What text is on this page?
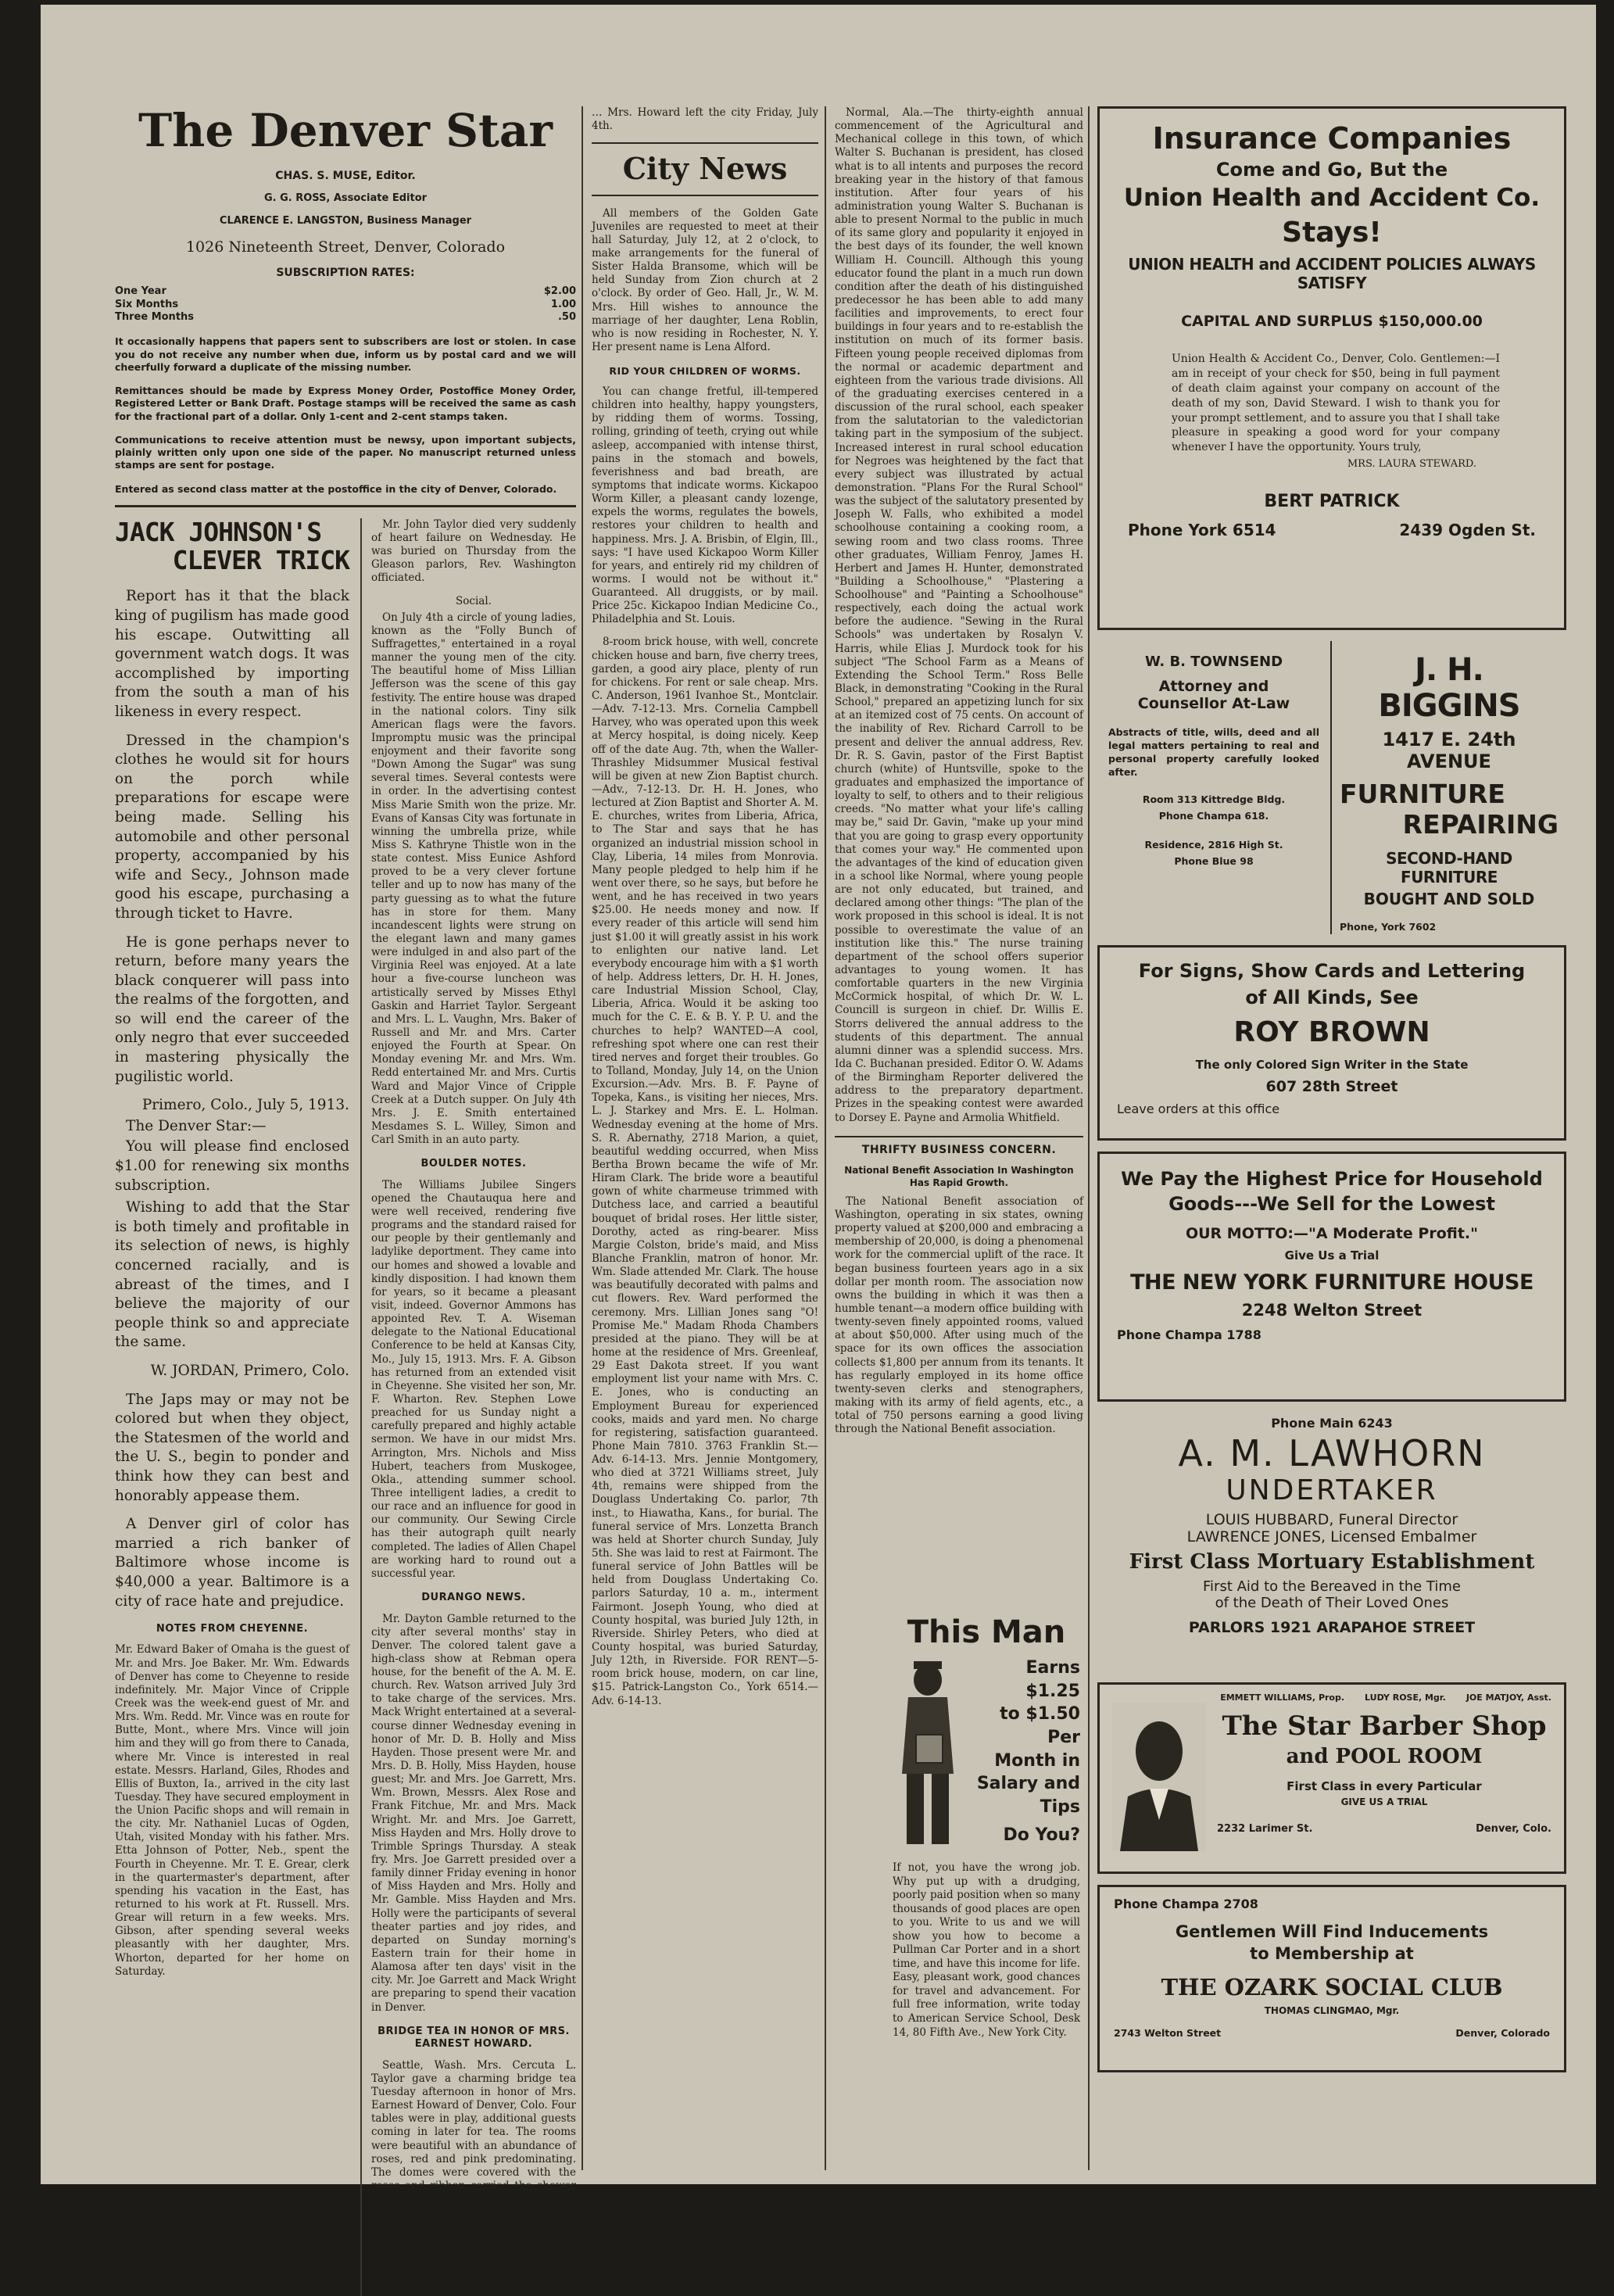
The Denver Star
CHAS. S. MUSE, Editor.
G. G. ROSS, Associate Editor
CLARENCE E. LANGSTON, Business Manager
1026 Nineteenth Street, Denver, Colorado
SUBSCRIPTION RATES:
One Year	$2.00
Six Months	1.00
Three Months	.50
It occasionally happens that papers sent to subscribers are lost or stolen. In case you do not receive any number when due, inform us by postal card and we will cheerfully forward a duplicate of the missing number.
Remittances should be made by Express Money Order, Postoffice Money Order, Registered Letter or Bank Draft. Postage stamps will be received the same as cash for the fractional part of a dollar. Only 1-cent and 2-cent stamps taken.
Communications to receive attention must be newsy, upon important subjects, plainly written only upon one side of the paper. No manuscript returned unless stamps are sent for postage.
Entered as second class matter at the postoffice in the city of Denver, Colorado.
JACK JOHNSON'S
CLEVER TRICK

Report has it that the black king of pugilism has made good his escape. Outwitting all government watch dogs. It was accomplished by importing from the south a man of his likeness in every respect.

Dressed in the champion's clothes he would sit for hours on the porch while preparations for escape were being made. Selling his automobile and other personal property, accompanied by his wife and Secy., Johnson made good his escape, purchasing a through ticket to Havre.

He is gone perhaps never to return, before many years the black conquerer will pass into the realms of the forgotten, and so will end the career of the only negro that ever succeeded in mastering physically the pugilistic world.

Primero, Colo., July 5, 1913.

The Denver Star:—

You will please find enclosed $1.00 for renewing six months subscription.

Wishing to add that the Star is both timely and profitable in its selection of news, is highly concerned racially, and is abreast of the times, and I believe the majority of our people think so and appreciate the same.

W. JORDAN, Primero, Colo.

The Japs may or may not be colored but when they object, the Statesmen of the world and the U. S., begin to ponder and think how they can best and honorably appease them.

A Denver girl of color has married a rich banker of Baltimore whose income is $40,000 a year. Baltimore is a city of race hate and prejudice.

NOTES FROM CHEYENNE.
Mr. Edward Baker of Omaha is the guest of Mr. and Mrs. Joe Baker. Mr. Wm. Edwards of Denver has come to Cheyenne to reside indefinitely. Mr. Major Vince of Cripple Creek was the week-end guest of Mr. and Mrs. Wm. Redd. Mr. Vince was en route for Butte, Mont., where Mrs. Vince will join him and they will go from there to Canada, where Mr. Vince is interested in real estate. Messrs. Harland, Giles, Rhodes and Ellis of Buxton, Ia., arrived in the city last Tuesday. They have secured employment in the Union Pacific shops and will remain in the city. Mr. Nathaniel Lucas of Ogden, Utah, visited Monday with his father. Mrs. Etta Johnson of Potter, Neb., spent the Fourth in Cheyenne. Mr. T. E. Grear, clerk in the quartermaster's department, after spending his vacation in the East, has returned to his work at Ft. Russell. Mrs. Grear will return in a few weeks. Mrs. Gibson, after spending several weeks pleasantly with her daughter, Mrs. Whorton, departed for her home on Saturday.

Mr. John Taylor died very suddenly of heart failure on Wednesday. He was buried on Thursday from the Gleason parlors, Rev. Washington officiated.

Social.

On July 4th a circle of young ladies, known as the "Folly Bunch of Suffragettes," entertained in a royal manner the young men of the city. The beautiful home of Miss Lillian Jefferson was the scene of this gay festivity. The entire house was draped in the national colors. Tiny silk American flags were the favors. Impromptu music was the principal enjoyment and their favorite song "Down Among the Sugar" was sung several times. Several contests were in order. In the advertising contest Miss Marie Smith won the prize. Mr. Evans of Kansas City was fortunate in winning the umbrella prize, while Miss S. Kathryne Thistle won in the state contest. Miss Eunice Ashford proved to be a very clever fortune teller and up to now has many of the party guessing as to what the future has in store for them. Many incandescent lights were strung on the elegant lawn and many games were indulged in and also part of the Virginia Reel was enjoyed. At a late hour a five-course luncheon was artistically served by Misses Ethyl Gaskin and Harriet Taylor. Sergeant and Mrs. L. L. Vaughn, Mrs. Baker of Russell and Mr. and Mrs. Carter enjoyed the Fourth at Spear. On Monday evening Mr. and Mrs. Wm. Redd entertained Mr. and Mrs. Curtis Ward and Major Vince of Cripple Creek at a Dutch supper. On July 4th Mrs. J. E. Smith entertained Mesdames S. L. Willey, Simon and Carl Smith in an auto party.

BOULDER NOTES.

The Williams Jubilee Singers opened the Chautauqua here and were well received, rendering five programs and the standard raised for our people by their gentlemanly and ladylike deportment. They came into our homes and showed a lovable and kindly disposition. I had known them for years, so it became a pleasant visit, indeed. Governor Ammons has appointed Rev. T. A. Wiseman delegate to the National Educational Conference to be held at Kansas City, Mo., July 15, 1913. Mrs. F. A. Gibson has returned from an extended visit in Cheyenne. She visited her son, Mr. F. Wharton. Rev. Stephen Lowe preached for us Sunday night a carefully prepared and highly actable sermon. We have in our midst Mrs. Arrington, Mrs. Nichols and Miss Hubert, teachers from Muskogee, Okla., attending summer school. Three intelligent ladies, a credit to our race and an influence for good in our community. Our Sewing Circle has their autograph quilt nearly completed. The ladies of Allen Chapel are working hard to round out a successful year.

DURANGO NEWS.

Mr. Dayton Gamble returned to the city after several months' stay in Denver. The colored talent gave a high-class show at Rebman opera house, for the benefit of the A. M. E. church. Rev. Watson arrived July 3rd to take charge of the services. Mrs. Mack Wright entertained at a several-course dinner Wednesday evening in honor of Mr. D. B. Holly and Miss Hayden. Those present were Mr. and Mrs. D. B. Holly, Miss Hayden, house guest; Mr. and Mrs. Joe Garrett, Mrs. Wm. Brown, Messrs. Alex Rose and Frank Fitchue, Mr. and Mrs. Mack Wright. Mr. and Mrs. Joe Garrett, Miss Hayden and Mrs. Holly drove to Trimble Springs Thursday. A steak fry. Mrs. Joe Garrett presided over a family dinner Friday evening in honor of Miss Hayden and Mrs. Holly and Mr. Gamble. Miss Hayden and Mrs. Holly were the participants of several theater parties and joy rides, and departed on Sunday morning's Eastern train for their home in Alamosa after ten days' visit in the city. Mr. Joe Garrett and Mack Wright are preparing to spend their vacation in Denver.

BRIDGE TEA IN HONOR OF MRS. EARNEST HOWARD.

Seattle, Wash. Mrs. Cercuta L. Taylor gave a charming bridge tea Tuesday afternoon in honor of Mrs. Earnest Howard of Denver, Colo. Four tables were in play, additional guests coming in later for tea. The rooms were beautiful with an abundance of roses, red and pink predominating. The domes were covered with the roses and ribbon carried the shower dome to the centerpiece and scattered buds over the table. Mrs. John Fort and Mrs. Wm. Wilson presided over the tea urns. Mrs. Howard left the city Friday, July 4th, on the steamship President, for Frisco, Calif.

… Mrs. Howard left the city Friday, July 4th.

City News

All members of the Golden Gate Juveniles are requested to meet at their hall Saturday, July 12, at 2 o'clock, to make arrangements for the funeral of Sister Halda Bransome, which will be held Sunday from Zion church at 2 o'clock. By order of Geo. Hall, Jr., W. M. Mrs. Hill wishes to announce the marriage of her daughter, Lena Roblin, who is now residing in Rochester, N. Y. Her present name is Lena Alford.

RID YOUR CHILDREN OF WORMS.

You can change fretful, ill-tempered children into healthy, happy youngsters, by ridding them of worms. Tossing, rolling, grinding of teeth, crying out while asleep, accompanied with intense thirst, pains in the stomach and bowels, feverishness and bad breath, are symptoms that indicate worms. Kickapoo Worm Killer, a pleasant candy lozenge, expels the worms, regulates the bowels, restores your children to health and happiness. Mrs. J. A. Brisbin, of Elgin, Ill., says: "I have used Kickapoo Worm Killer for years, and entirely rid my children of worms. I would not be without it." Guaranteed. All druggists, or by mail. Price 25c. Kickapoo Indian Medicine Co., Philadelphia and St. Louis.

8-room brick house, with well, concrete chicken house and barn, five cherry trees, garden, a good airy place, plenty of run for chickens. For rent or sale cheap. Mrs. C. Anderson, 1961 Ivanhoe St., Montclair.—Adv. 7-12-13. Mrs. Cornelia Campbell Harvey, who was operated upon this week at Mercy hospital, is doing nicely. Keep off of the date Aug. 7th, when the Waller-Thrashley Midsummer Musical festival will be given at new Zion Baptist church.—Adv., 7-12-13. Dr. H. H. Jones, who lectured at Zion Baptist and Shorter A. M. E. churches, writes from Liberia, Africa, to The Star and says that he has organized an industrial mission school in Clay, Liberia, 14 miles from Monrovia. Many people pledged to help him if he went over there, so he says, but before he went, and he has received in two years $25.00. He needs money and now. If every reader of this article will send him just $1.00 it will greatly assist in his work to enlighten our native land. Let everybody encourage him with a $1 worth of help. Address letters, Dr. H. H. Jones, care Industrial Mission School, Clay, Liberia, Africa. Would it be asking too much for the C. E. & B. Y. P. U. and the churches to help? WANTED—A cool, refreshing spot where one can rest their tired nerves and forget their troubles. Go to Tolland, Monday, July 14, on the Union Excursion.—Adv. Mrs. B. F. Payne of Topeka, Kans., is visiting her nieces, Mrs. L. J. Starkey and Mrs. E. L. Holman. Wednesday evening at the home of Mrs. S. R. Abernathy, 2718 Marion, a quiet, beautiful wedding occurred, when Miss Bertha Brown became the wife of Mr. Hiram Clark. The bride wore a beautiful gown of white charmeuse trimmed with Dutchess lace, and carried a beautiful bouquet of bridal roses. Her little sister, Dorothy, acted as ring-bearer. Miss Margie Colston, bride's maid, and Miss Blanche Franklin, matron of honor. Mr. Wm. Slade attended Mr. Clark. The house was beautifully decorated with palms and cut flowers. Rev. Ward performed the ceremony. Mrs. Lillian Jones sang "O! Promise Me." Madam Rhoda Chambers presided at the piano. They will be at home at the residence of Mrs. Greenleaf, 29 East Dakota street. If you want employment list your name with Mrs. C. E. Jones, who is conducting an Employment Bureau for experienced cooks, maids and yard men. No charge for registering, satisfaction guaranteed. Phone Main 7810. 3763 Franklin St.—Adv. 6-14-13. Mrs. Jennie Montgomery, who died at 3721 Williams street, July 4th, remains were shipped from the Douglass Undertaking Co. parlor, 7th inst., to Hiawatha, Kans., for burial. The funeral service of Mrs. Lonzetta Branch was held at Shorter church Sunday, July 5th. She was laid to rest at Fairmont. The funeral service of John Battles will be held from Douglass Undertaking Co. parlors Saturday, 10 a. m., interment Fairmont. Joseph Young, who died at County hospital, was buried July 12th, in Riverside. Shirley Peters, who died at County hospital, was buried Saturday, July 12th, in Riverside. FOR RENT—5-room brick house, modern, on car line, $15. Patrick-Langston Co., York 6514.—Adv. 6-14-13.

Normal, Ala.—The thirty-eighth annual commencement of the Agricultural and Mechanical college in this town, of which Walter S. Buchanan is president, has closed what is to all intents and purposes the record breaking year in the history of that famous institution. After four years of his administration young Walter S. Buchanan is able to present Normal to the public in much of its same glory and popularity it enjoyed in the best days of its founder, the well known William H. Councill. Although this young educator found the plant in a much run down condition after the death of his distinguished predecessor he has been able to add many facilities and improvements, to erect four buildings in four years and to re-establish the institution on much of its former basis. Fifteen young people received diplomas from the normal or academic department and eighteen from the various trade divisions. All of the graduating exercises centered in a discussion of the rural school, each speaker from the salutatorian to the valedictorian taking part in the symposium of the subject. Increased interest in rural school education for Negroes was heightened by the fact that every subject was illustrated by actual demonstration. "Plans For the Rural School" was the subject of the salutatory presented by Joseph W. Falls, who exhibited a model schoolhouse containing a cooking room, a sewing room and two class rooms. Three other graduates, William Fenroy, James H. Herbert and James H. Hunter, demonstrated "Building a Schoolhouse," "Plastering a Schoolhouse" and "Painting a Schoolhouse" respectively, each doing the actual work before the audience. "Sewing in the Rural Schools" was undertaken by Rosalyn V. Harris, while Elias J. Murdock took for his subject "The School Farm as a Means of Extending the School Term." Ross Belle Black, in demonstrating "Cooking in the Rural School," prepared an appetizing lunch for six at an itemized cost of 75 cents. On account of the inability of Rev. Richard Carroll to be present and deliver the annual address, Rev. Dr. R. S. Gavin, pastor of the First Baptist church (white) of Huntsville, spoke to the graduates and emphasized the importance of loyalty to self, to others and to their religious creeds. "No matter what your life's calling may be," said Dr. Gavin, "make up your mind that you are going to grasp every opportunity that comes your way." He commented upon the advantages of the kind of education given in a school like Normal, where young people are not only educated, but trained, and declared among other things: "The plan of the work proposed in this school is ideal. It is not possible to overestimate the value of an institution like this." The nurse training department of the school offers superior advantages to young women. It has comfortable quarters in the new Virginia McCormick hospital, of which Dr. W. L. Councill is surgeon in chief. Dr. Willis E. Storrs delivered the annual address to the students of this department. The annual alumni dinner was a splendid success. Mrs. Ida C. Buchanan presided. Editor O. W. Adams of the Birmingham Reporter delivered the address to the preparatory department. Prizes in the speaking contest were awarded to Dorsey E. Payne and Armolia Whitfield.

THRIFTY BUSINESS CONCERN.
National Benefit Association In Washington Has Rapid Growth.

The National Benefit association of Washington, operating in six states, owning property valued at $200,000 and embracing a membership of 20,000, is doing a phenomenal work for the commercial uplift of the race. It began business fourteen years ago in a six dollar per month room. The association now owns the building in which it was then a humble tenant—a modern office building with twenty-seven finely appointed rooms, valued at about $50,000. After using much of the space for its own offices the association collects $1,800 per annum from its tenants. It has regularly employed in its home office twenty-seven clerks and stenographers, making with its army of field agents, etc., a total of 750 persons earning a good living through the National Benefit association.

This Man
Earns $1.25
to $1.50 Per
Month in
Salary and Tips
Do You?
If not, you have the wrong job. Why put up with a drudging, poorly paid position when so many thousands of good places are open to you. Write to us and we will show you how to become a Pullman Car Porter and in a short time, and have this income for life. Easy, pleasant work, good chances for travel and advancement. For full free information, write today to American Service School, Desk 14, 80 Fifth Ave., New York City.
Insurance Companies
Come and Go, But the
Union Health and Accident Co.
Stays!
UNION HEALTH and ACCIDENT POLICIES ALWAYS SATISFY
CAPITAL AND SURPLUS $150,000.00
Union Health & Accident Co., Denver, Colo. Gentlemen:—I am in receipt of your check for $50, being in full payment of death claim against your company on account of the death of my son, David Steward. I wish to thank you for your prompt settlement, and to assure you that I shall take pleasure in speaking a good word for your company whenever I have the opportunity. Yours truly,
MRS. LAURA STEWARD.
BERT PATRICK
Phone York 6514	2439 Ogden St.
W. B. TOWNSEND
Attorney and Counsellor At-Law
Abstracts of title, wills, deed and all legal matters pertaining to real and personal property carefully looked after.
Room 313 Kittredge Bldg.
Phone Champa 618.
Residence, 2816 High St.
Phone Blue 98
J. H. BIGGINS
1417 E. 24th AVENUE
FURNITURE
REPAIRING
SECOND-HAND FURNITURE
BOUGHT AND SOLD
Phone, York 7602
For Signs, Show Cards and Lettering
of All Kinds, See
ROY BROWN
The only Colored Sign Writer in the State
607 28th Street
Leave orders at this office
We Pay the Highest Price for Household Goods---We Sell for the Lowest
OUR MOTTO:—"A Moderate Profit."
Give Us a Trial
THE NEW YORK FURNITURE HOUSE
2248 Welton Street
Phone Champa 1788
Phone Main 6243
A. M. LAWHORN
UNDERTAKER
LOUIS HUBBARD, Funeral Director
LAWRENCE JONES, Licensed Embalmer
First Class Mortuary Establishment
First Aid to the Bereaved in the Time
of the Death of Their Loved Ones
PARLORS 1921 ARAPAHOE STREET
EMMETT WILLIAMS, Prop. LUDY ROSE, Mgr. JOE MATJOY, Asst.
The Star Barber Shop
and POOL ROOM
First Class in every Particular
GIVE US A TRIAL
2232 Larimer St.	Denver, Colo.
Phone Champa 2708
Gentlemen Will Find Inducements
to Membership at
THE OZARK SOCIAL CLUB
THOMAS CLINGMAO, Mgr.
2743 Welton Street	Denver, Colorado
